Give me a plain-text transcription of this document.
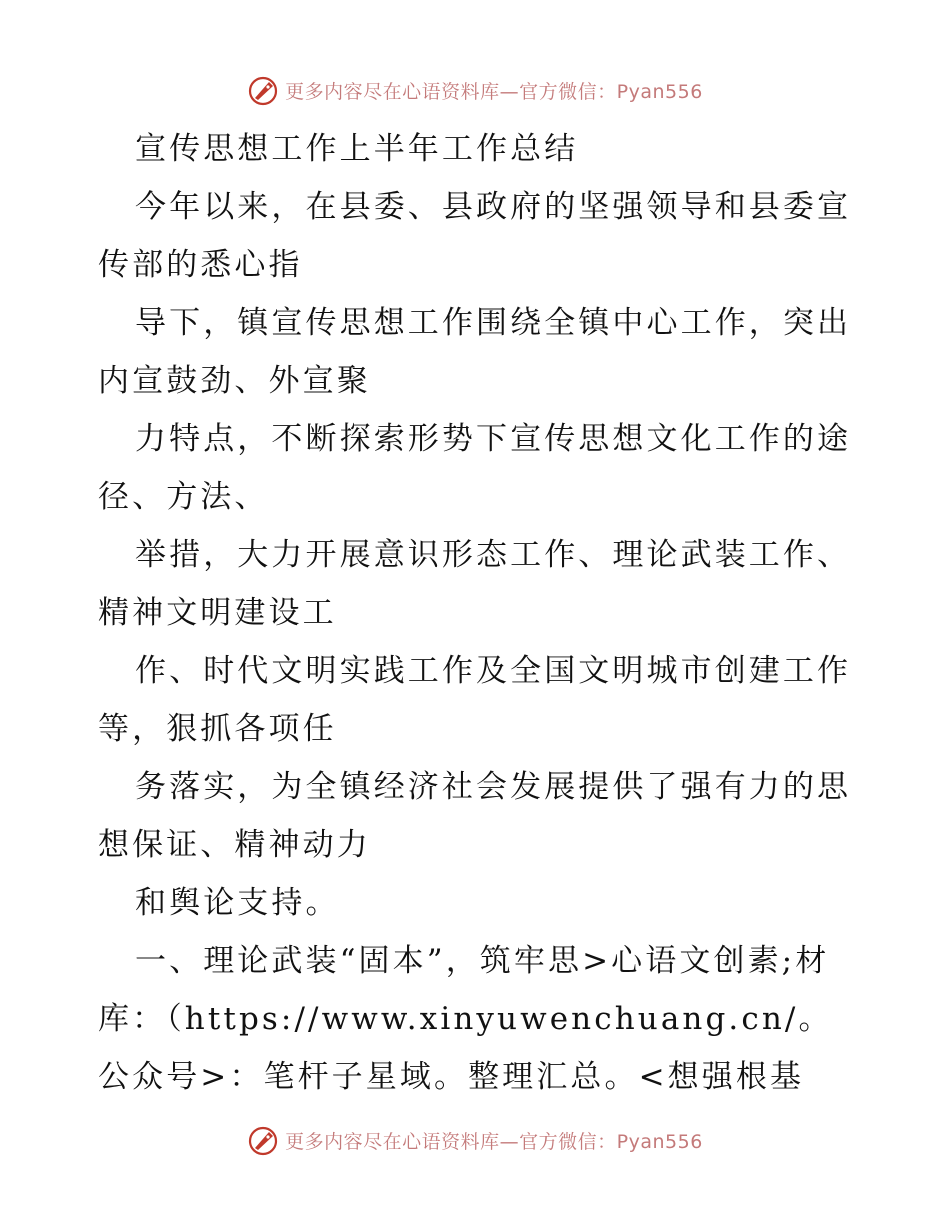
更多内容尽在心语资料库—官方微信：Pyan556

宣传思想工作上半年工作总结

今年以来，在县委、县政府的坚强领导和县委宣传部的悉心指

导下，镇宣传思想工作围绕全镇中心工作，突出内宣鼓劲、外宣聚

力特点，不断探索形势下宣传思想文化工作的途径、方法、

举措，大力开展意识形态工作、理论武装工作、精神文明建设工

作、时代文明实践工作及全国文明城市创建工作等，狠抓各项任

务落实，为全镇经济社会发展提供了强有力的思想保证、精神动力

和舆论支持。

一、理论武装“固本”，筑牢思>心语文创素;材库：（https://www.xinyuwenchuang.cn/。公众号>：笔杆子星域。整理汇总。<想强根基

更多内容尽在心语资料库—官方微信：Pyan556
